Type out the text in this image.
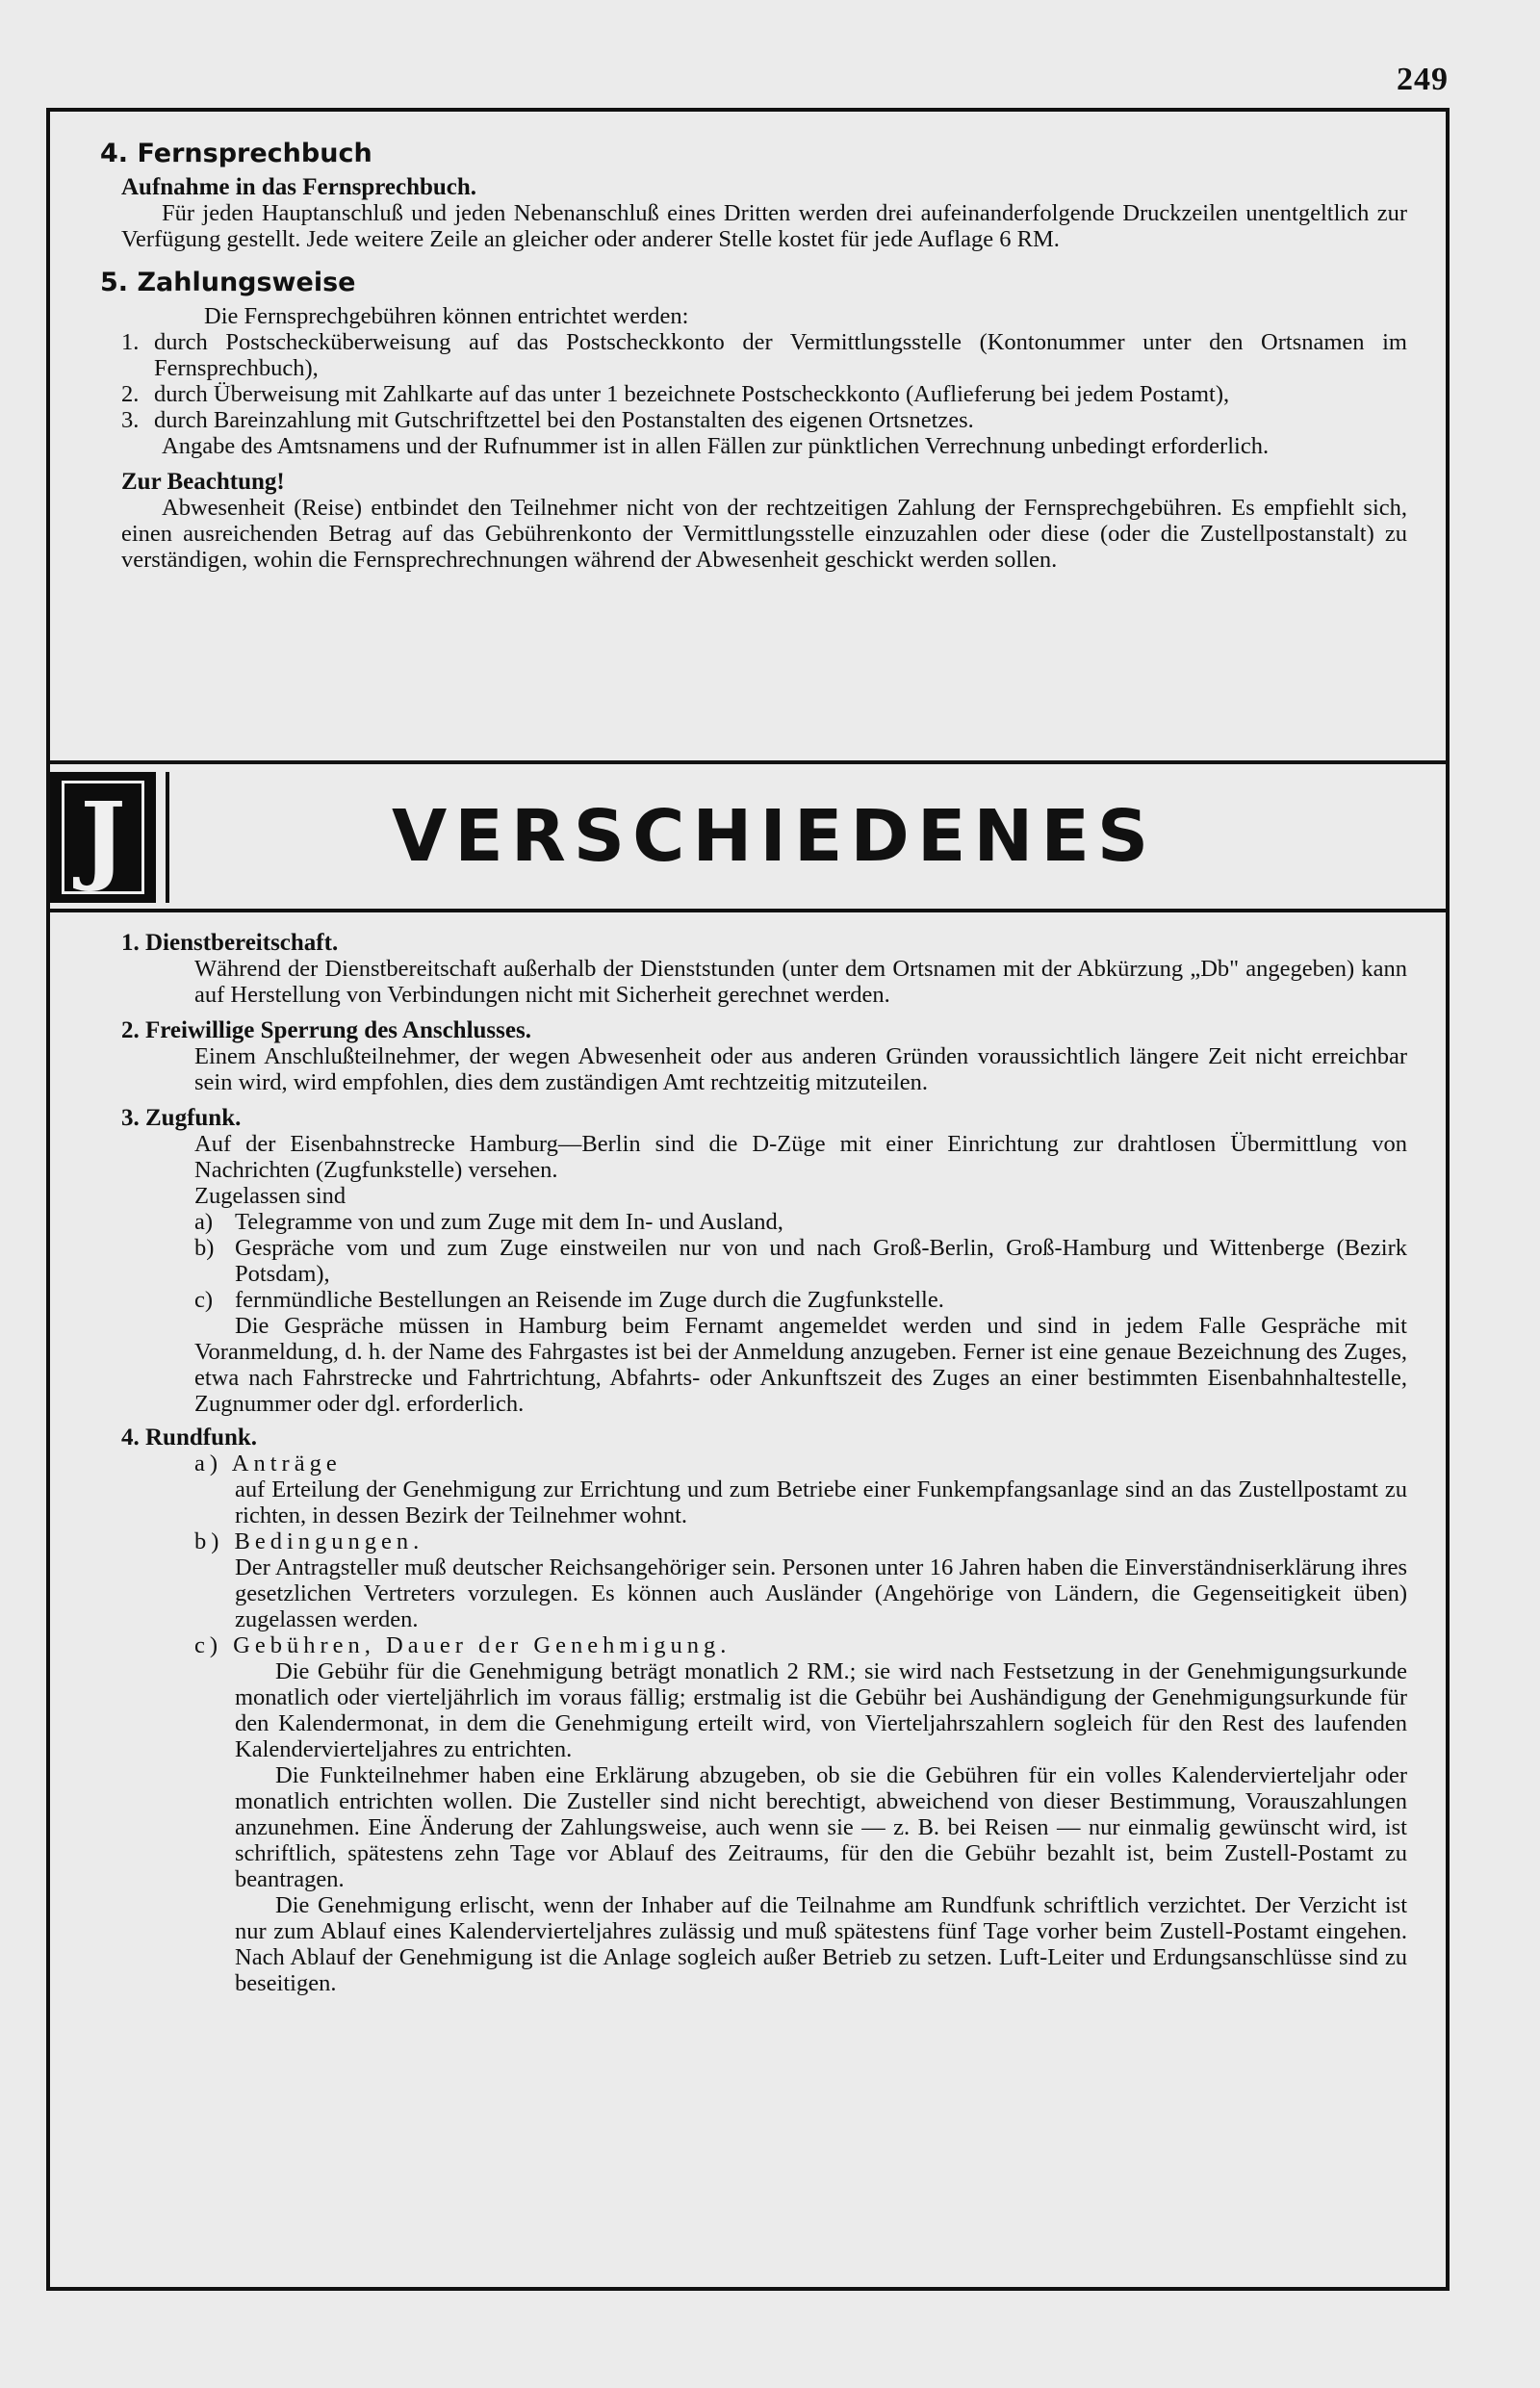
249
4. Fernsprechbuch
Aufnahme in das Fernsprechbuch.
Für jeden Hauptanschluß und jeden Nebenanschluß eines Dritten werden drei aufeinanderfolgende Druckzeilen unentgeltlich zur Verfügung gestellt. Jede weitere Zeile an gleicher oder anderer Stelle kostet für jede Auflage 6 RM.
5. Zahlungsweise
Die Fernsprechgebühren können entrichtet werden:
1. durch Postschecküberweisung auf das Postscheckkonto der Vermittlungsstelle (Kontonummer unter den Ortsnamen im Fernsprechbuch),
2. durch Überweisung mit Zahlkarte auf das unter 1 bezeichnete Postscheckkonto (Auflieferung bei jedem Postamt),
3. durch Bareinzahlung mit Gutschriftzettel bei den Postanstalten des eigenen Ortsnetzes.
Angabe des Amtsnamens und der Rufnummer ist in allen Fällen zur pünktlichen Verrechnung unbedingt erforderlich.
Zur Beachtung!
Abwesenheit (Reise) entbindet den Teilnehmer nicht von der rechtzeitigen Zahlung der Fernsprechgebühren. Es empfiehlt sich, einen ausreichenden Betrag auf das Gebührenkonto der Vermittlungsstelle einzuzahlen oder diese (oder die Zustellpostanstalt) zu verständigen, wohin die Fernsprechrechnungen während der Abwesenheit geschickt werden sollen.
J	VERSCHIEDENES
1. Dienstbereitschaft.
Während der Dienstbereitschaft außerhalb der Dienststunden (unter dem Ortsnamen mit der Abkürzung „Db" angegeben) kann auf Herstellung von Verbindungen nicht mit Sicherheit gerechnet werden.
2. Freiwillige Sperrung des Anschlusses.
Einem Anschlußteilnehmer, der wegen Abwesenheit oder aus anderen Gründen voraussichtlich längere Zeit nicht erreichbar sein wird, wird empfohlen, dies dem zuständigen Amt rechtzeitig mitzuteilen.
3. Zugfunk.
Auf der Eisenbahnstrecke Hamburg—Berlin sind die D-Züge mit einer Einrichtung zur drahtlosen Übermittlung von Nachrichten (Zugfunkstelle) versehen.
Zugelassen sind
a) Telegramme von und zum Zuge mit dem In- und Ausland,
b) Gespräche vom und zum Zuge einstweilen nur von und nach Groß-Berlin, Groß-Hamburg und Wittenberge (Bezirk Potsdam),
c) fernmündliche Bestellungen an Reisende im Zuge durch die Zugfunkstelle.
Die Gespräche müssen in Hamburg beim Fernamt angemeldet werden und sind in jedem Falle Gespräche mit Voranmeldung, d. h. der Name des Fahrgastes ist bei der Anmeldung anzugeben. Ferner ist eine genaue Bezeichnung des Zuges, etwa nach Fahrstrecke und Fahrtrichtung, Abfahrts- oder Ankunftszeit des Zuges an einer bestimmten Eisenbahnhaltestelle, Zugnummer oder dgl. erforderlich.
4. Rundfunk.
a) Anträge
auf Erteilung der Genehmigung zur Errichtung und zum Betriebe einer Funkempfangsanlage sind an das Zustellpostamt zu richten, in dessen Bezirk der Teilnehmer wohnt.
b) Bedingungen.
Der Antragsteller muß deutscher Reichsangehöriger sein. Personen unter 16 Jahren haben die Einverständniserklärung ihres gesetzlichen Vertreters vorzulegen. Es können auch Ausländer (Angehörige von Ländern, die Gegenseitigkeit üben) zugelassen werden.
c) Gebühren, Dauer der Genehmigung.
Die Gebühr für die Genehmigung beträgt monatlich 2 RM.; sie wird nach Festsetzung in der Genehmigungsurkunde monatlich oder vierteljährlich im voraus fällig; erstmalig ist die Gebühr bei Aushändigung der Genehmigungsurkunde für den Kalendermonat, in dem die Genehmigung erteilt wird, von Vierteljahrszahlern sogleich für den Rest des laufenden Kalendervierteljahres zu entrichten.
Die Funkteilnehmer haben eine Erklärung abzugeben, ob sie die Gebühren für ein volles Kalendervierteljahr oder monatlich entrichten wollen. Die Zusteller sind nicht berechtigt, abweichend von dieser Bestimmung, Vorauszahlungen anzunehmen. Eine Änderung der Zahlungsweise, auch wenn sie — z. B. bei Reisen — nur einmalig gewünscht wird, ist schriftlich, spätestens zehn Tage vor Ablauf des Zeitraums, für den die Gebühr bezahlt ist, beim Zustell-Postamt zu beantragen.
Die Genehmigung erlischt, wenn der Inhaber auf die Teilnahme am Rundfunk schriftlich verzichtet. Der Verzicht ist nur zum Ablauf eines Kalendervierteljahres zulässig und muß spätestens fünf Tage vorher beim Zustell-Postamt eingehen. Nach Ablauf der Genehmigung ist die Anlage sogleich außer Betrieb zu setzen. Luft-Leiter und Erdungsanschlüsse sind zu beseitigen.
